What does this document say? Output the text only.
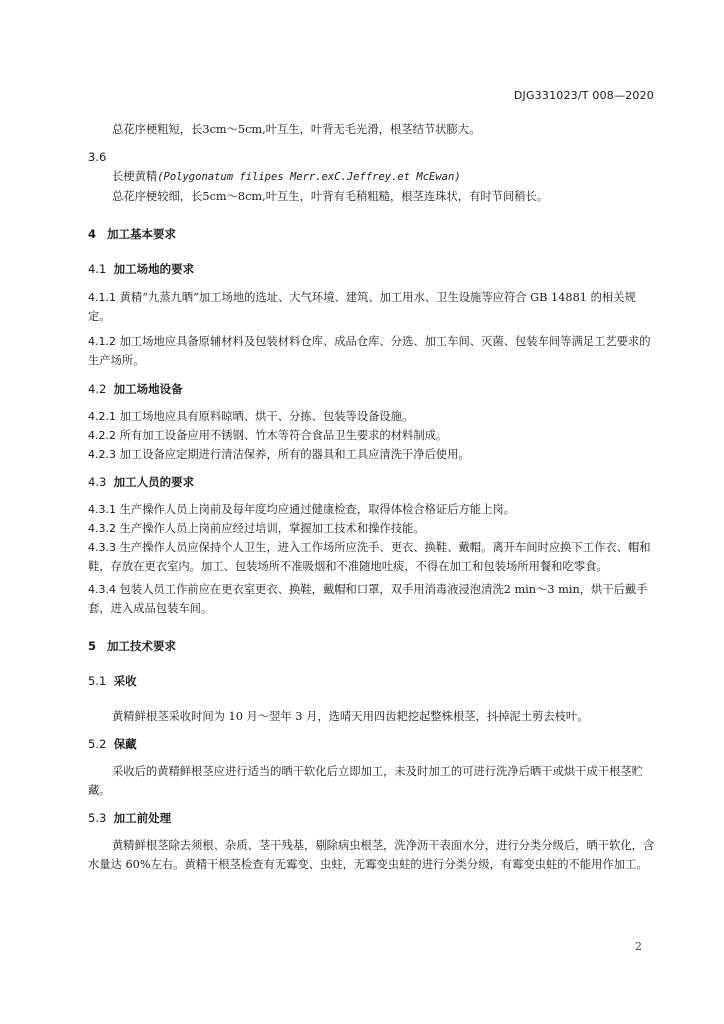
DJG331023/T 008—2020

总花序梗粗短，长3cm～5cm,叶互生，叶背无毛光滑，根茎结节状膨大。

3.6

长梗黄精(Polygonatum filipes Merr.exC.Jeffrey.et McEwan)

总花序梗较细，长5cm～8cm,叶互生，叶背有毛稍粗糙，根茎连珠状，有时节间稍长。

4 加工基本要求

4.1 加工场地的要求

4.1.1 黄精“九蒸九晒”加工场地的选址、大气环境、建筑、加工用水、卫生设施等应符合 GB 14881 的相关规定。

4.1.2 加工场地应具备原辅材料及包装材料仓库、成品仓库、分选、加工车间、灭菌、包装车间等满足工艺要求的生产场所。

4.2 加工场地设备

4.2.1 加工场地应具有原料晾晒、烘干、分拣、包装等设备设施。

4.2.2 所有加工设备应用不锈钢、竹木等符合食品卫生要求的材料制成。

4.2.3 加工设备应定期进行清洁保养，所有的器具和工具应清洗干净后使用。

4.3 加工人员的要求

4.3.1 生产操作人员上岗前及每年度均应通过健康检查，取得体检合格证后方能上岗。

4.3.2 生产操作人员上岗前应经过培训，掌握加工技术和操作技能。

4.3.3 生产操作人员应保持个人卫生，进入工作场所应洗手、更衣、换鞋、戴帽。离开车间时应换下工作衣、帽和鞋，存放在更衣室内。加工、包装场所不准吸烟和不准随地吐痰，不得在加工和包装场所用餐和吃零食。

4.3.4 包装人员工作前应在更衣室更衣、换鞋，戴帽和口罩，双手用消毒液浸泡清洗2 min～3 min，烘干后戴手套，进入成品包装车间。

5 加工技术要求

5.1 采收

黄精鲜根茎采收时间为 10 月～翌年 3 月，选晴天用四齿耙挖起整株根茎，抖掉泥土剪去枝叶。

5.2 保藏

采收后的黄精鲜根茎应进行适当的晒干软化后立即加工，未及时加工的可进行洗净后晒干或烘干成干根茎贮藏。

5.3 加工前处理

黄精鲜根茎除去须根、杂质、茎干残基，剔除病虫根茎，洗净沥干表面水分，进行分类分级后，晒干软化，含水量达 60%左右。黄精干根茎检查有无霉变、虫蛀，无霉变虫蛀的进行分类分级，有霉变虫蛀的不能用作加工。

2
